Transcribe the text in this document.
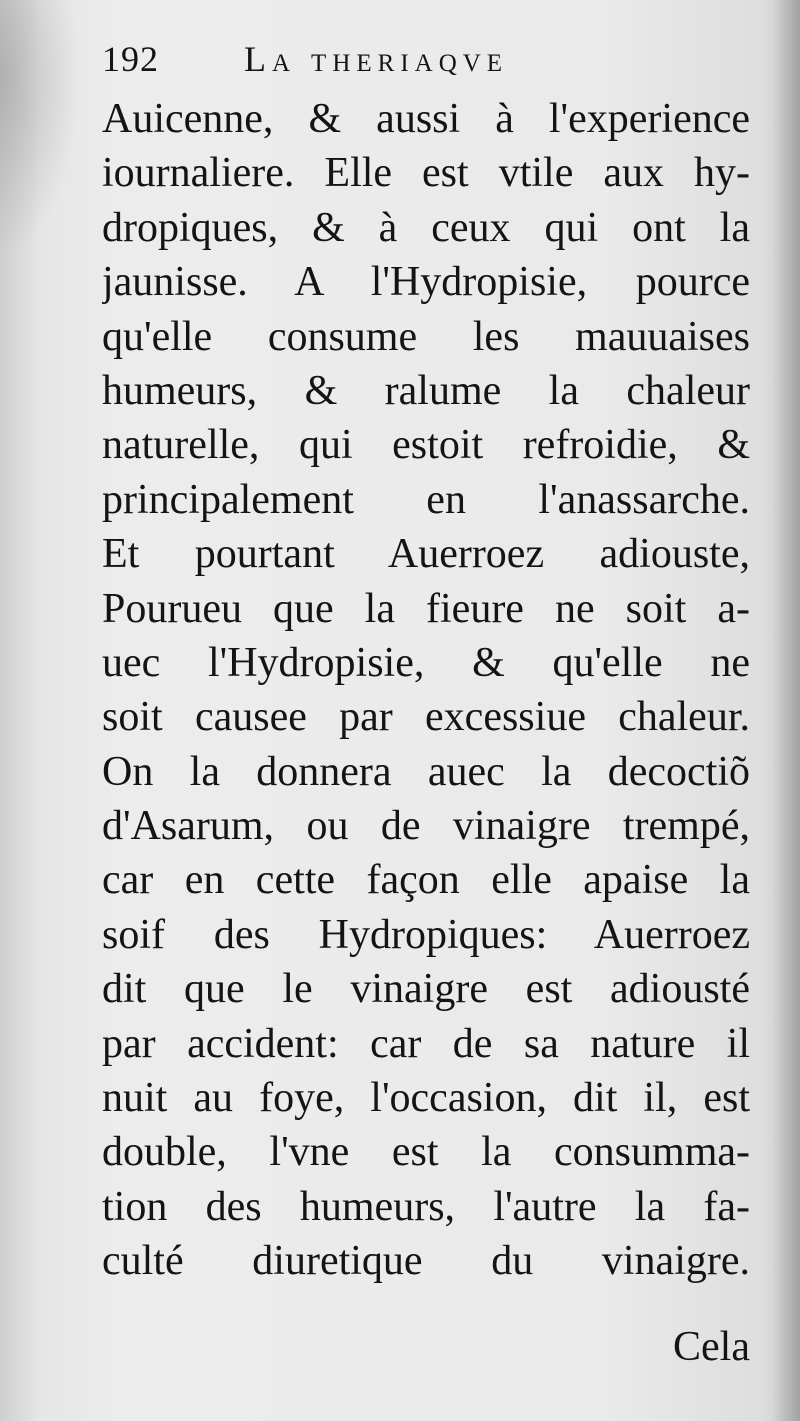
192 La theriaqve
Auicenne, & aussi à l'experience
iournaliere. Elle est vtile aux hy-
dropiques, & à ceux qui ont la
jaunisse. A l'Hydropisie, pource
qu'elle consume les mauuaises
humeurs, & ralume la chaleur
naturelle, qui estoit refroidie, &
principalement en l'anassarche.
Et pourtant Auerroez adiouste,
Pourueu que la fieure ne soit a-
uec l'Hydropisie, & qu'elle ne
soit causee par excessiue chaleur.
On la donnera auec la decoctiõ
d'Asarum, ou de vinaigre trempé,
car en cette façon elle apaise la
soif des Hydropiques: Auerroez
dit que le vinaigre est adiousté
par accident: car de sa nature il
nuit au foye, l'occasion, dit il, est
double, l'vne est la consumma-
tion des humeurs, l'autre la fa-
culté diuretique du vinaigre.
Cela
